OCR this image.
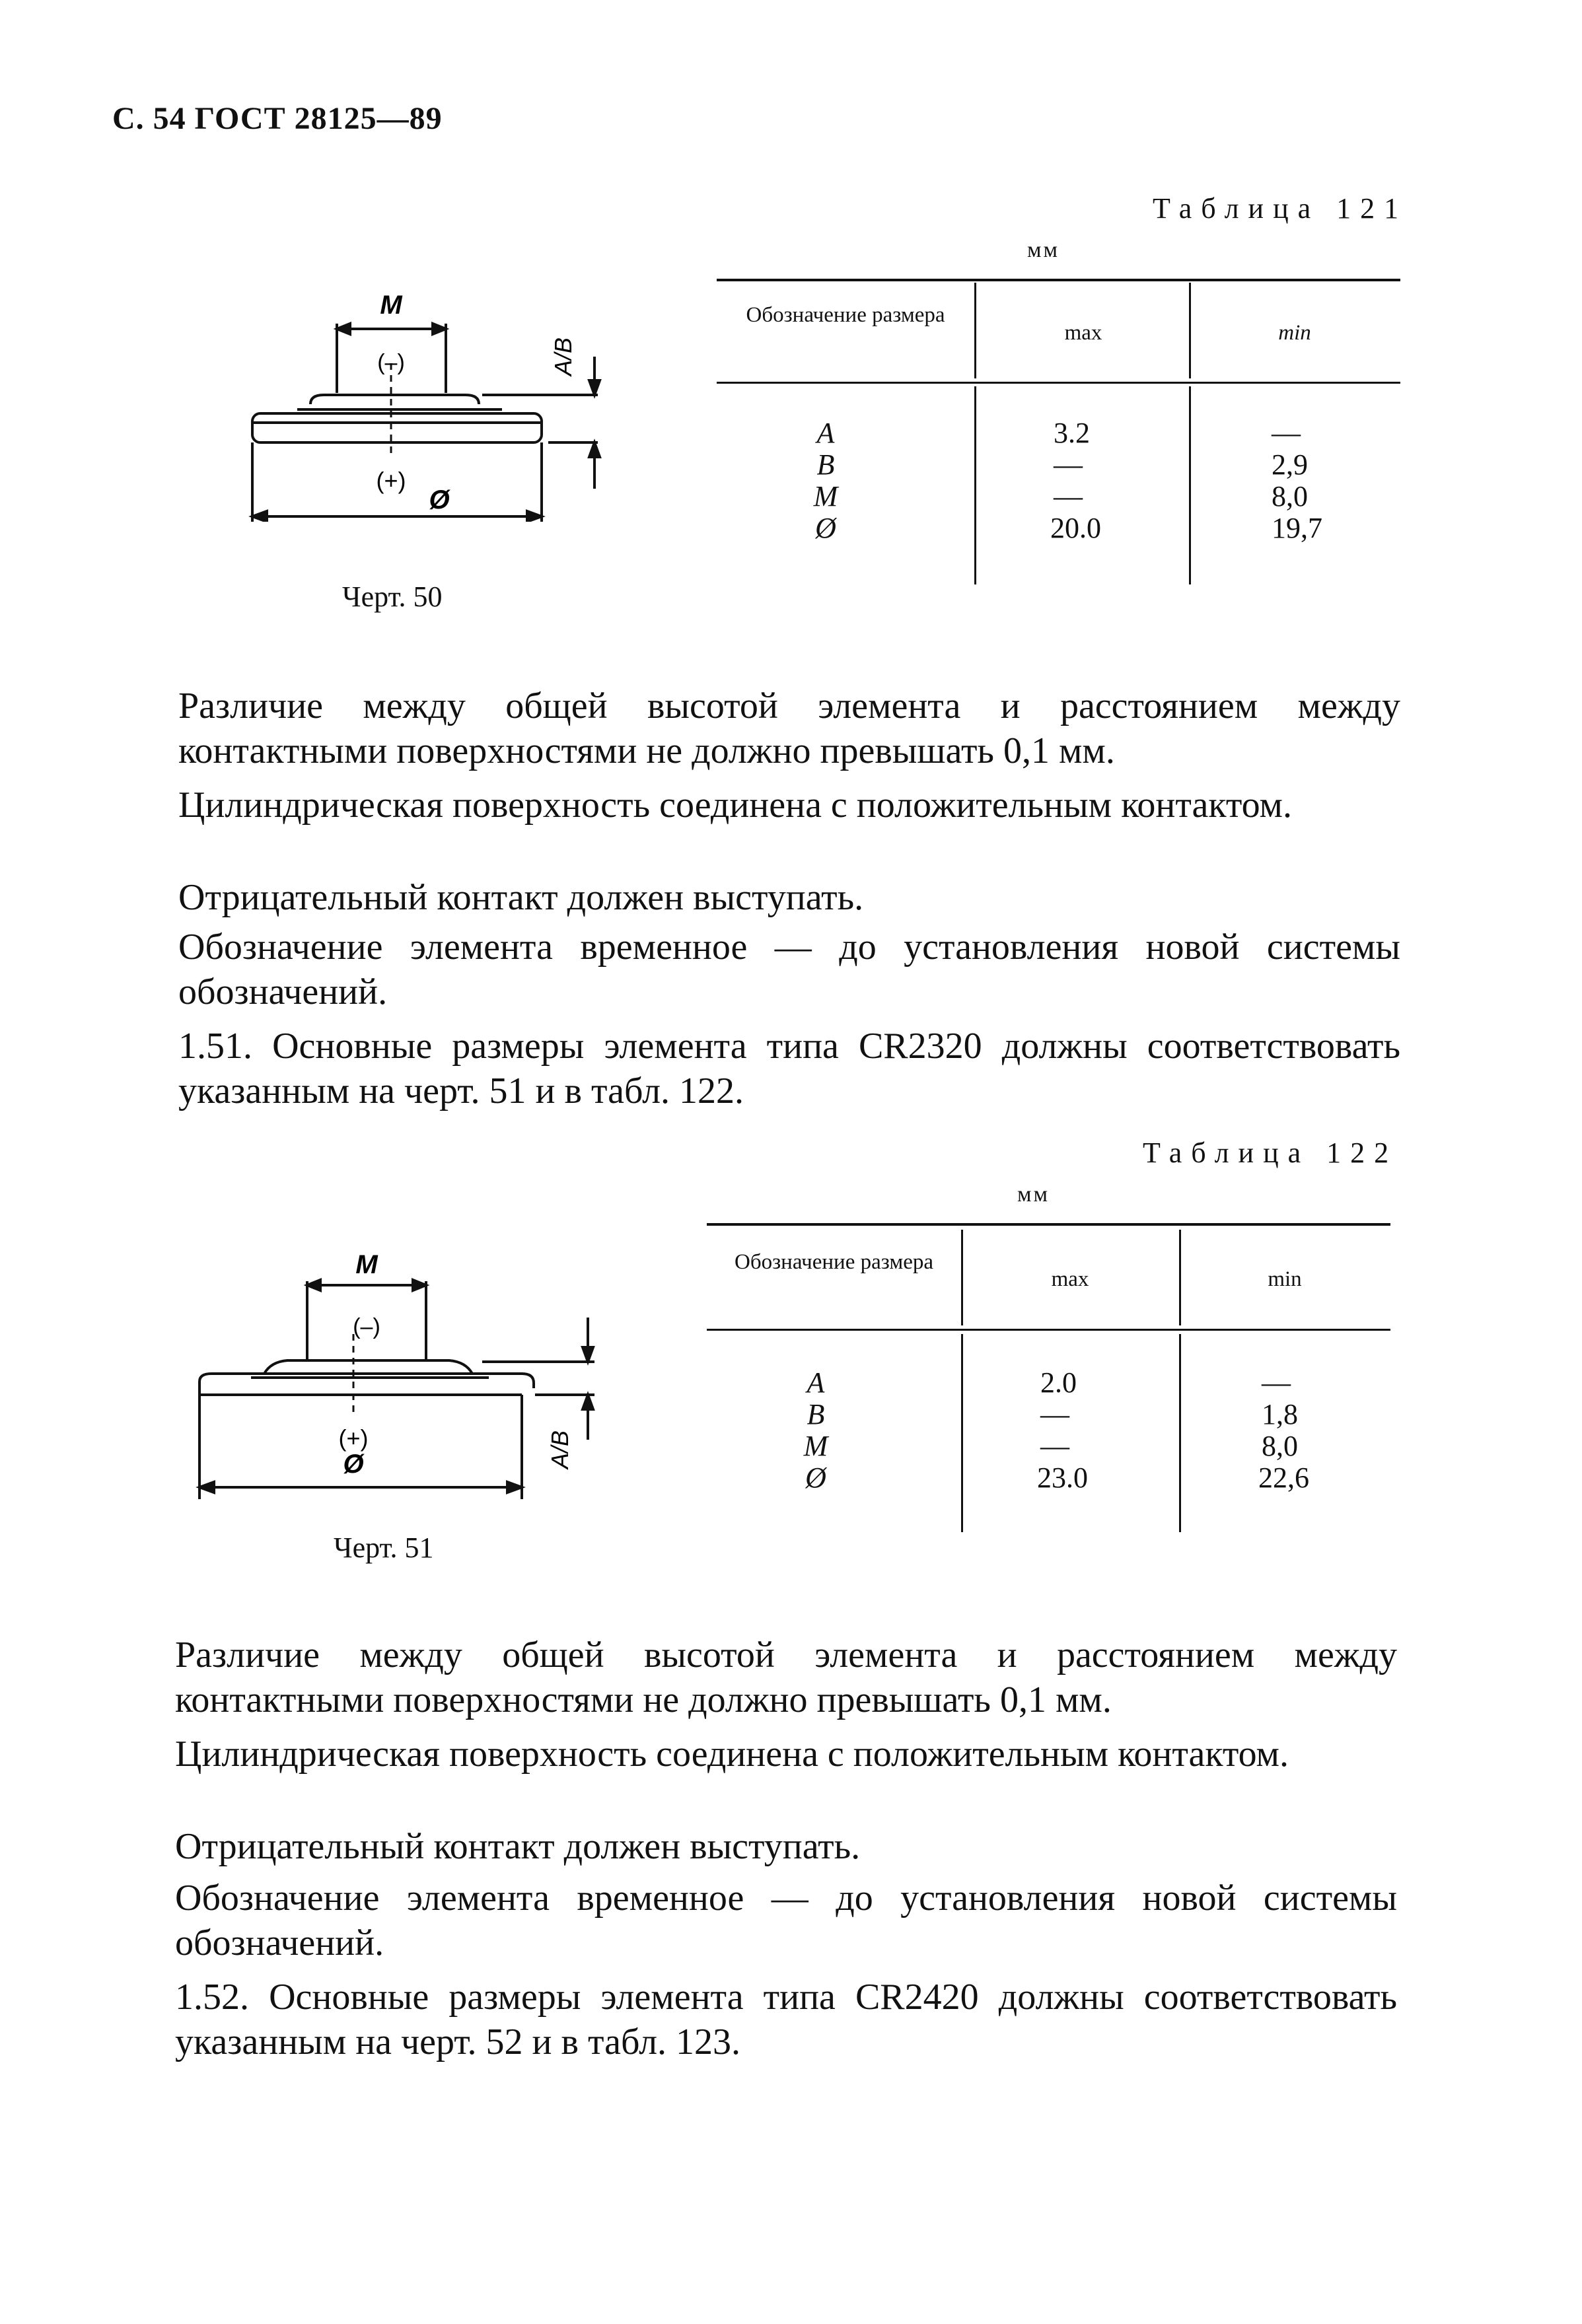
С. 54 ГОСТ 28125—89
Таблица 121
мм
Обозначение размера
max	min
A	3.2	—
B	—	2,9
M	—	8,0
Ø	20.0	19,7
M
(–)
(+)
Ø
A/B
Черт. 50
Различие между общей высотой элемента и расстоянием между контактными поверхностями не должно превышать 0,1 мм.
Цилиндрическая поверхность соединена с положительным контактом.
Отрицательный контакт должен выступать.
Обозначение элемента временное — до установления новой системы обозначений.
1.51. Основные размеры элемента типа CR2320 должны соответствовать указанным на черт. 51 и в табл. 122.
Таблица 122
мм
Обозначение размера
max	min
A	2.0	—
B	—	1,8
M	—	8,0
Ø	23.0	22,6
M
(–)
(+)
Ø	A/B
Черт. 51
Различие между общей высотой элемента и расстоянием между контактными поверхностями не должно превышать 0,1 мм.
Цилиндрическая поверхность соединена с положительным контактом.
Отрицательный контакт должен выступать.
Обозначение элемента временное — до установления новой системы обозначений.
1.52. Основные размеры элемента типа CR2420 должны соответствовать указанным на черт. 52 и в табл. 123.
